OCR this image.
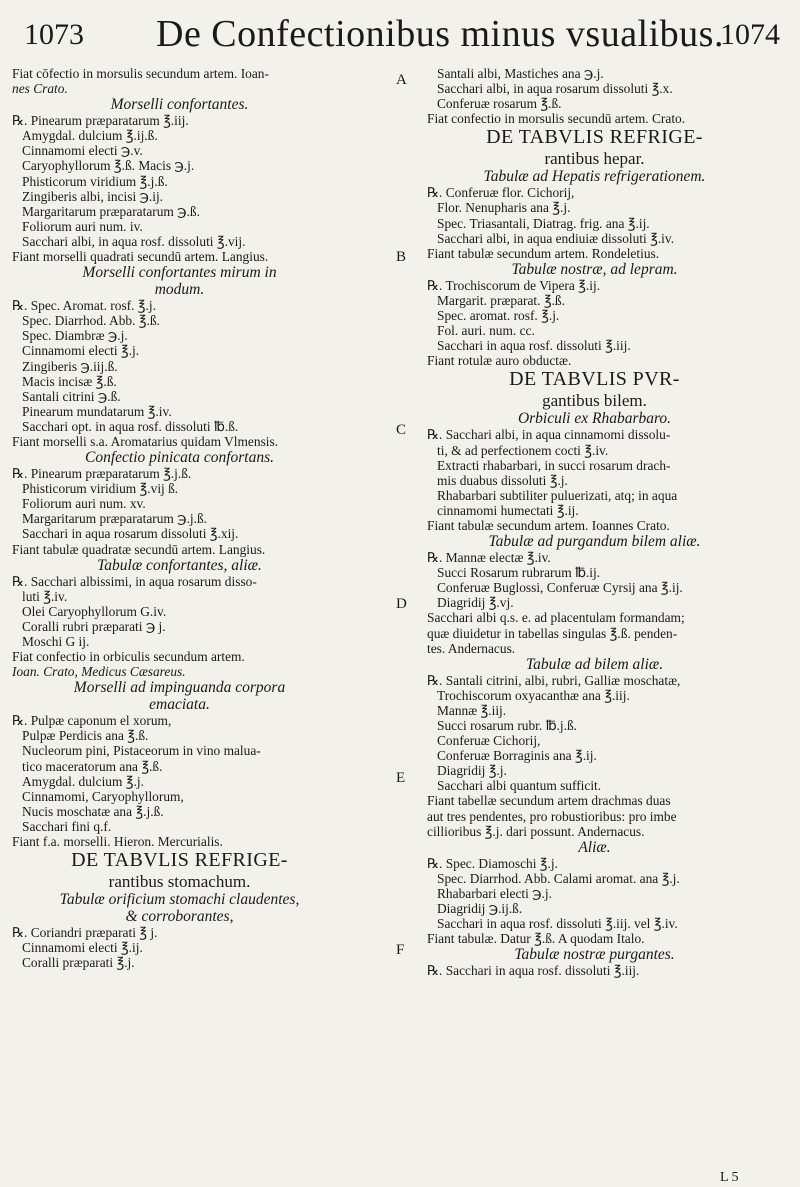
1073 De Confectionibus minus vsualibus.
1074
Fiat cōfectio in morsulis secundum artem. Ioan-
nes Crato.
Morselli confortantes.
℞. Pinearum præparatarum ℥.iij.
Amygdal. dulcium ℥.ij.ß.
Cinnamomi electi ℈.v.
Caryophyllorum ℥.ß. Macis ℈.j.
Phisticorum viridium ℥.j.ß.
Zingiberis albi, incisi ℈.ij.
Margaritarum præparatarum ℈.ß.
Foliorum auri num. iv.
Sacchari albi, in aqua rosf. dissoluti ℥.vij.
Fiant morselli quadrati secundū artem. Langius.
Morselli confortantes mirum in
modum.
℞. Spec. Aromat. rosf. ℥.j.
Spec. Diarrhod. Abb. ℥.ß.
Spec. Diambræ ℈.j.
Cinnamomi electi ℥.j.
Zingiberis ℈.iij.ß.
Macis incisæ ℥.ß.
Santali citrini ℈.ß.
Pinearum mundatarum ℥.iv.
Sacchari opt. in aqua rosf. dissoluti ℔.ß.
Fiant morselli s.a. Aromatarius quidam Vlmensis.
Confectio pinicata confortans.
℞. Pinearum præparatarum ℥.j.ß.
Phisticorum viridium ℥.vij ß.
Foliorum auri num. xv.
Margaritarum præparatarum ℈.j.ß.
Sacchari in aqua rosarum dissoluti ℥.xij.
Fiant tabulæ quadratæ secundū artem. Langius.
Tabulæ confortantes, aliæ.
℞. Sacchari albissimi, in aqua rosarum disso-
luti ℥.iv.
Olei Caryophyllorum G.iv.
Coralli rubri præparati ℈ j.
Moschi G ij.
Fiat confectio in orbiculis secundum artem.
Ioan. Crato, Medicus Cæsareus.
Morselli ad impinguanda corpora
emaciata.
℞. Pulpæ caponum el xorum,
Pulpæ Perdicis ana ℥.ß.
Nucleorum pini, Pistaceorum in vino malua-
tico maceratorum ana ℥.ß.
Amygdal. dulcium ℥.j.
Cinnamomi, Caryophyllorum,
Nucis moschatæ ana ℥.j.ß.
Sacchari fini q.f.
Fiant f.a. morselli. Hieron. Mercurialis.
DE TABVLIS REFRIGE-
rantibus stomachum.
Tabulæ orificium stomachi claudentes,
& corroborantes,
℞. Coriandri præparati ℥ j.
Cinnamomi electi ℥.ij.
Coralli præparati ℥.j.
Santali albi, Mastiches ana ℈.j.
Sacchari albi, in aqua rosarum dissoluti ℥.x.
Conferuæ rosarum ℥.ß.
Fiat confectio in morsulis secundū artem. Crato.
DE TABVLIS REFRIGE-
rantibus hepar.
Tabulæ ad Hepatis refrigerationem.
℞. Conferuæ flor. Cichorij,
Flor. Nenupharis ana ℥.j.
Spec. Triasantali, Diatrag. frig. ana ℥.ij.
Sacchari albi, in aqua endiuiæ dissoluti ℥.iv.
Fiant tabulæ secundum artem. Rondeletius.
Tabulæ nostræ, ad lepram.
℞. Trochiscorum de Vipera ℥.ij.
Margarit. præparat. ℥.ß.
Spec. aromat. rosf. ℥.j.
Fol. auri. num. cc.
Sacchari in aqua rosf. dissoluti ℥.iij.
Fiant rotulæ auro obductæ.
DE TABVLIS PVR-
gantibus bilem.
Orbiculi ex Rhabarbaro.
℞. Sacchari albi, in aqua cinnamomi dissolu-
ti, & ad perfectionem cocti ℥.iv.
Extracti rhabarbari, in succi rosarum drach-
mis duabus dissoluti ℥.j.
Rhabarbari subtiliter puluerizati, atq; in aqua
cinnamomi humectati ℥.ij.
Fiant tabulæ secundum artem. Ioannes Crato.
Tabulæ ad purgandum bilem aliæ.
℞. Mannæ electæ ℥.iv.
Succi Rosarum rubrarum ℔.ij.
Conferuæ Buglossi, Conferuæ Cyrsij ana ℥.ij.
Diagridij ℥.vj.
Sacchari albi q.s. e. ad placentulam formandam;
quæ diuidetur in tabellas singulas ℥.ß. penden-
tes. Andernacus.
Tabulæ ad bilem aliæ.
℞. Santali citrini, albi, rubri, Galliæ moschatæ,
Trochiscorum oxyacanthæ ana ℥.iij.
Mannæ ℥.iij.
Succi rosarum rubr. ℔.j.ß.
Conferuæ Cichorij,
Conferuæ Borraginis ana ℥.ij.
Diagridij ℥.j.
Sacchari albi quantum sufficit.
Fiant tabellæ secundum artem drachmas duas
aut tres pendentes, pro robustioribus: pro imbe
cillioribus ℥.j. dari possunt. Andernacus.
Aliæ.
℞. Spec. Diamoschi ℥.j.
Spec. Diarrhod. Abb. Calami aromat. ana ℥.j.
Rhabarbari electi ℈.j.
Diagridij ℈.ij.ß.
Sacchari in aqua rosf. dissoluti ℥.iij. vel ℥.iv.
Fiant tabulæ. Datur ℥.ß. A quodam Italo.
Tabulæ nostræ purgantes.
℞. Sacchari in aqua rosf. dissoluti ℥.iij.
A
B
C
D
E
F
L 5
